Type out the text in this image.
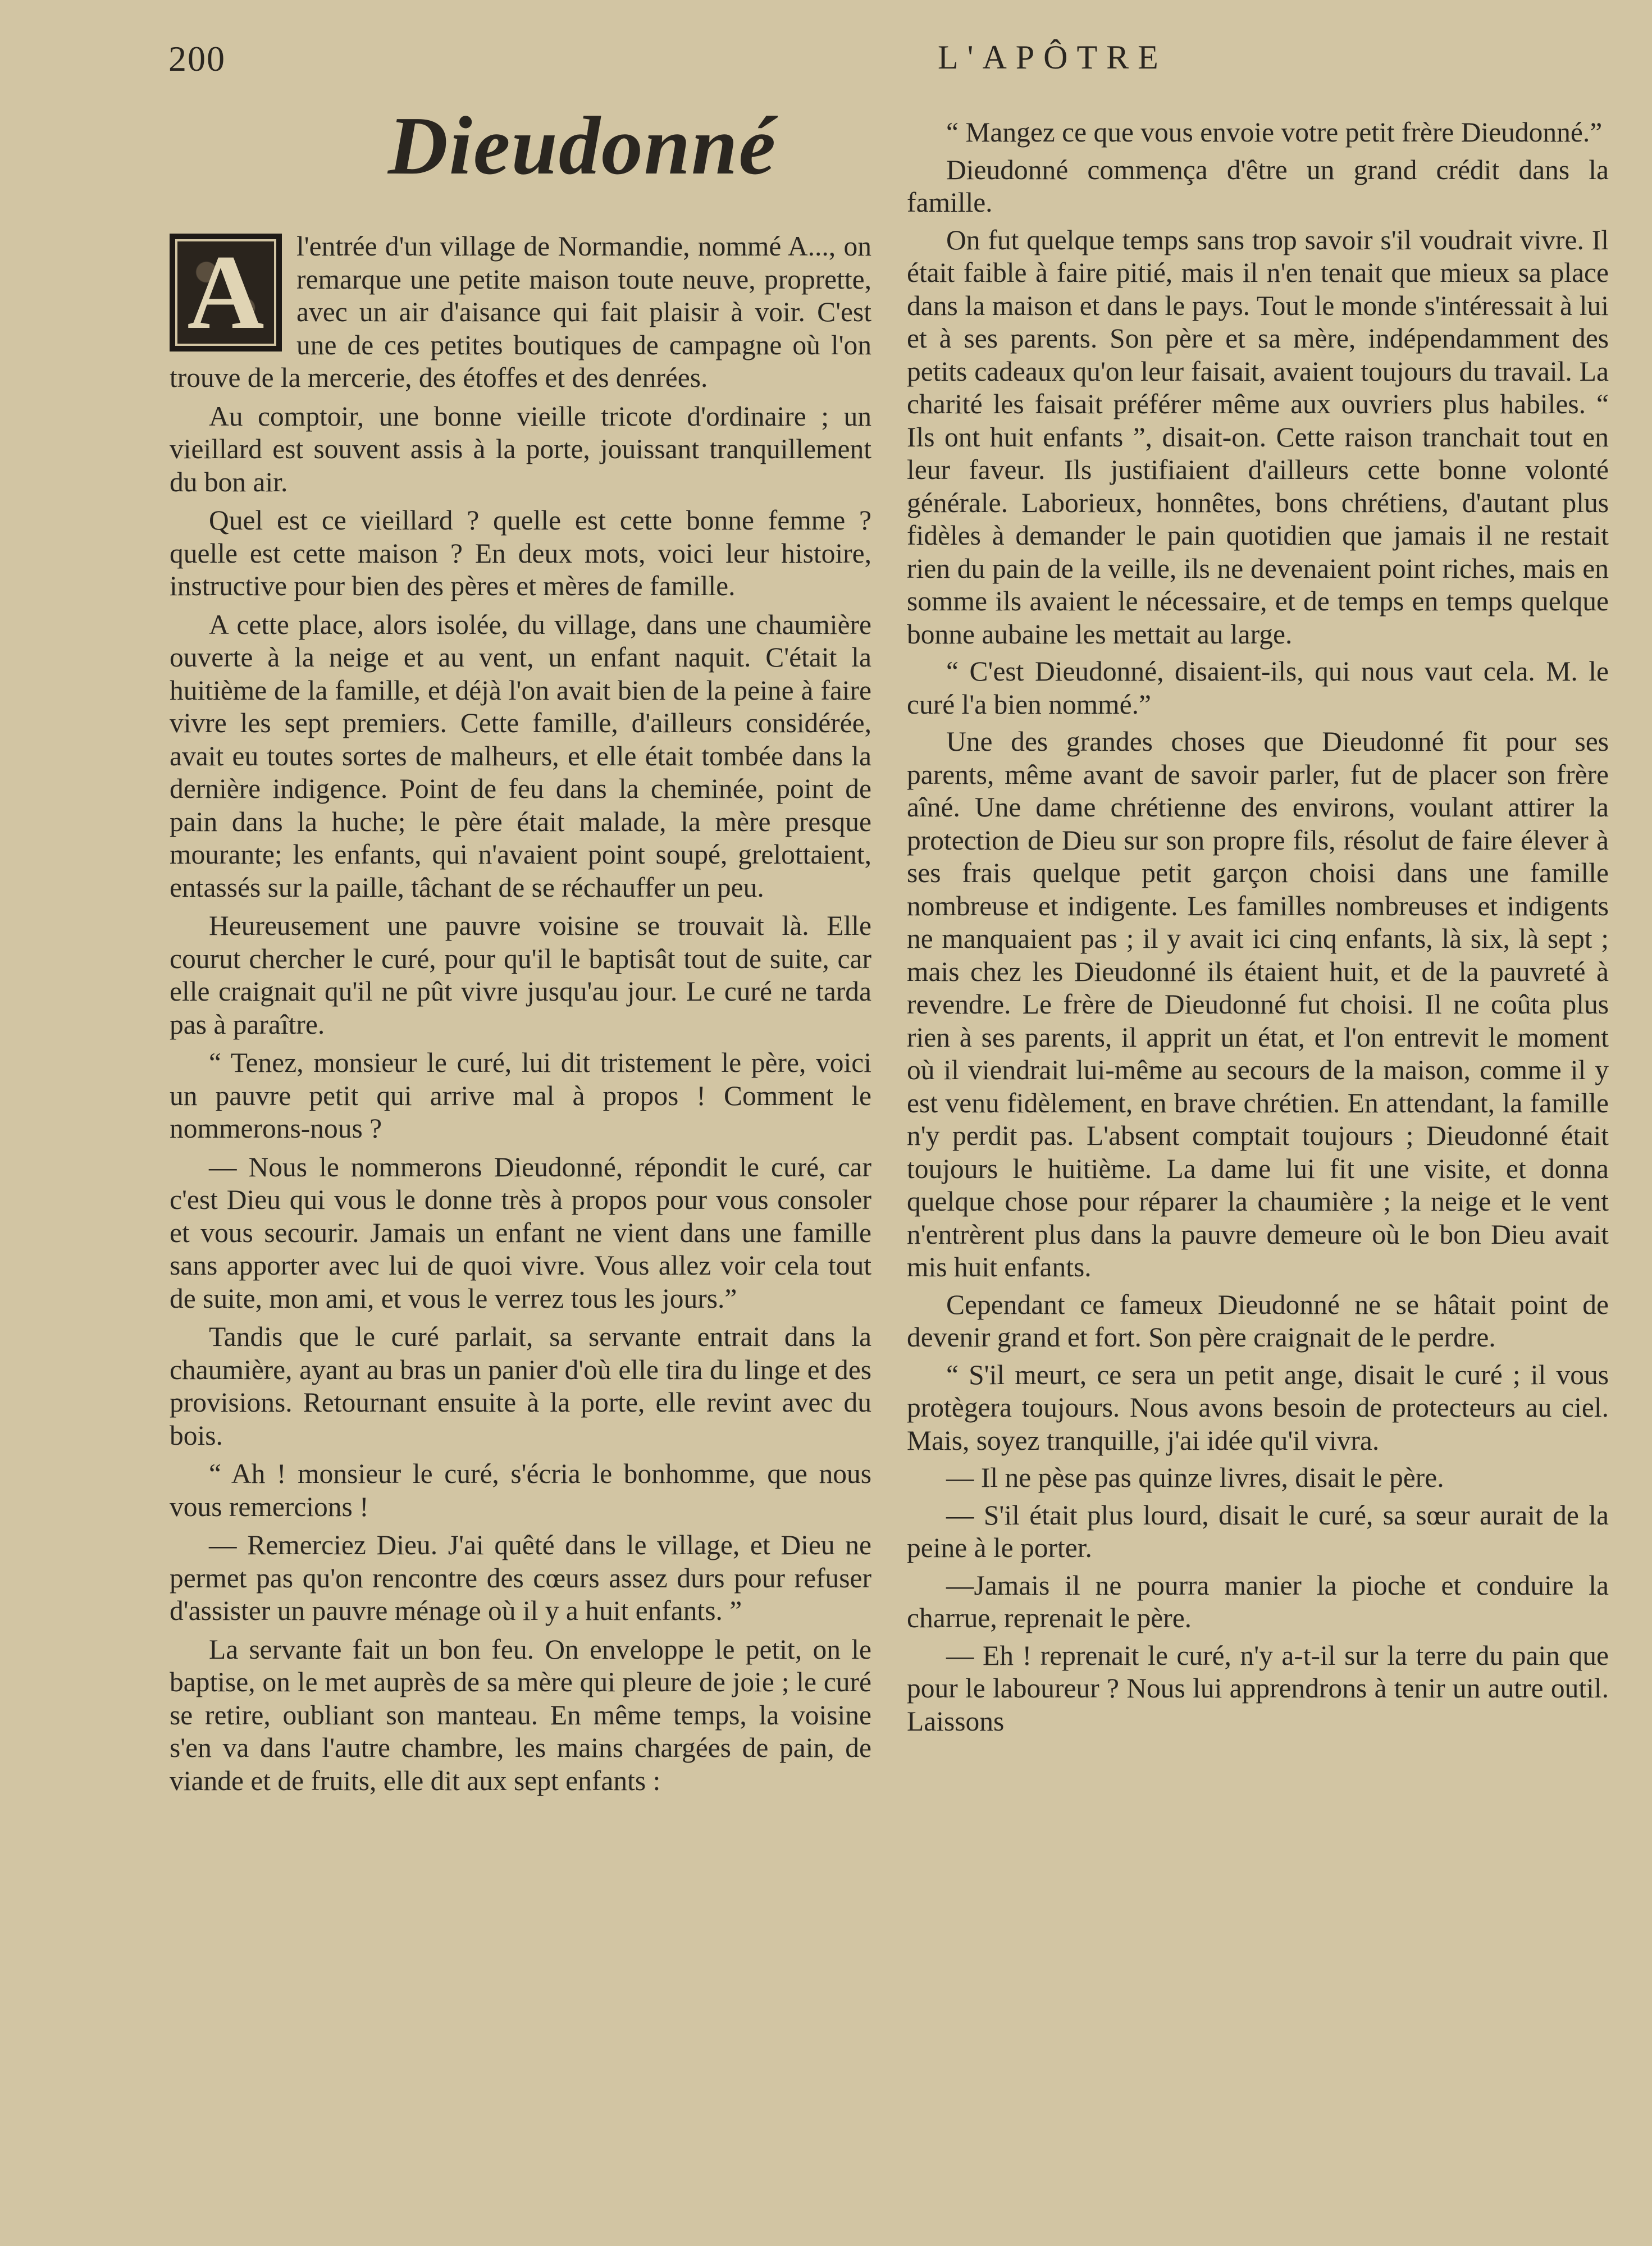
200	L'APÔTRE
Dieudonné

A l'entrée d'un village de Normandie, nommé A..., on remarque une petite maison toute neuve, proprette, avec un air d'aisance qui fait plaisir à voir. C'est une de ces petites boutiques de campagne où l'on trouve de la mercerie, des étoffes et des denrées.

Au comptoir, une bonne vieille tricote d'ordinaire ; un vieillard est souvent assis à la porte, jouissant tranquillement du bon air.

Quel est ce vieillard ? quelle est cette bonne femme ? quelle est cette maison ? En deux mots, voici leur histoire, instructive pour bien des pères et mères de famille.

A cette place, alors isolée, du village, dans une chaumière ouverte à la neige et au vent, un enfant naquit. C'était la huitième de la famille, et déjà l'on avait bien de la peine à faire vivre les sept premiers. Cette famille, d'ailleurs considérée, avait eu toutes sortes de malheurs, et elle était tombée dans la dernière indigence. Point de feu dans la cheminée, point de pain dans la huche; le père était malade, la mère presque mourante; les enfants, qui n'avaient point soupé, grelottaient, entassés sur la paille, tâchant de se réchauffer un peu.

Heureusement une pauvre voisine se trouvait là. Elle courut chercher le curé, pour qu'il le baptisât tout de suite, car elle craignait qu'il ne pût vivre jusqu'au jour. Le curé ne tarda pas à paraître.

“ Tenez, monsieur le curé, lui dit tristement le père, voici un pauvre petit qui arrive mal à propos ! Comment le nommerons-nous ?

— Nous le nommerons Dieudonné, répondit le curé, car c'est Dieu qui vous le donne très à propos pour vous consoler et vous secourir. Jamais un enfant ne vient dans une famille sans apporter avec lui de quoi vivre. Vous allez voir cela tout de suite, mon ami, et vous le verrez tous les jours.”

Tandis que le curé parlait, sa servante entrait dans la chaumière, ayant au bras un panier d'où elle tira du linge et des provisions. Retournant ensuite à la porte, elle revint avec du bois.

“ Ah ! monsieur le curé, s'écria le bonhomme, que nous vous remercions !

— Remerciez Dieu. J'ai quêté dans le village, et Dieu ne permet pas qu'on rencontre des cœurs assez durs pour refuser d'assister un pauvre ménage où il y a huit enfants. ”

La servante fait un bon feu. On enveloppe le petit, on le baptise, on le met auprès de sa mère qui pleure de joie ; le curé se retire, oubliant son manteau. En même temps, la voisine s'en va dans l'autre chambre, les mains chargées de pain, de viande et de fruits, elle dit aux sept enfants :

“ Mangez ce que vous envoie votre petit frère Dieudonné.”

Dieudonné commença d'être un grand crédit dans la famille.

On fut quelque temps sans trop savoir s'il voudrait vivre. Il était faible à faire pitié, mais il n'en tenait que mieux sa place dans la maison et dans le pays. Tout le monde s'intéressait à lui et à ses parents. Son père et sa mère, indépendamment des petits cadeaux qu'on leur faisait, avaient toujours du travail. La charité les faisait préférer même aux ouvriers plus habiles. “ Ils ont huit enfants ”, disait-on. Cette raison tranchait tout en leur faveur. Ils justifiaient d'ailleurs cette bonne volonté générale. Laborieux, honnêtes, bons chrétiens, d'autant plus fidèles à demander le pain quotidien que jamais il ne restait rien du pain de la veille, ils ne devenaient point riches, mais en somme ils avaient le nécessaire, et de temps en temps quelque bonne aubaine les mettait au large.

“ C'est Dieudonné, disaient-ils, qui nous vaut cela. M. le curé l'a bien nommé.”

Une des grandes choses que Dieudonné fit pour ses parents, même avant de savoir parler, fut de placer son frère aîné. Une dame chrétienne des environs, voulant attirer la protection de Dieu sur son propre fils, résolut de faire élever à ses frais quelque petit garçon choisi dans une famille nombreuse et indigente. Les familles nombreuses et indigents ne manquaient pas ; il y avait ici cinq enfants, là six, là sept ; mais chez les Dieudonné ils étaient huit, et de la pauvreté à revendre. Le frère de Dieudonné fut choisi. Il ne coûta plus rien à ses parents, il apprit un état, et l'on entrevit le moment où il viendrait lui-même au secours de la maison, comme il y est venu fidèlement, en brave chrétien. En attendant, la famille n'y perdit pas. L'absent comptait toujours ; Dieudonné était toujours le huitième. La dame lui fit une visite, et donna quelque chose pour réparer la chaumière ; la neige et le vent n'entrèrent plus dans la pauvre demeure où le bon Dieu avait mis huit enfants.

Cependant ce fameux Dieudonné ne se hâtait point de devenir grand et fort. Son père craignait de le perdre.

“ S'il meurt, ce sera un petit ange, disait le curé ; il vous protègera toujours. Nous avons besoin de protecteurs au ciel. Mais, soyez tranquille, j'ai idée qu'il vivra.

— Il ne pèse pas quinze livres, disait le père.

— S'il était plus lourd, disait le curé, sa sœur aurait de la peine à le porter.

—Jamais il ne pourra manier la pioche et conduire la charrue, reprenait le père.

— Eh ! reprenait le curé, n'y a-t-il sur la terre du pain que pour le laboureur ? Nous lui apprendrons à tenir un autre outil. Laissons
